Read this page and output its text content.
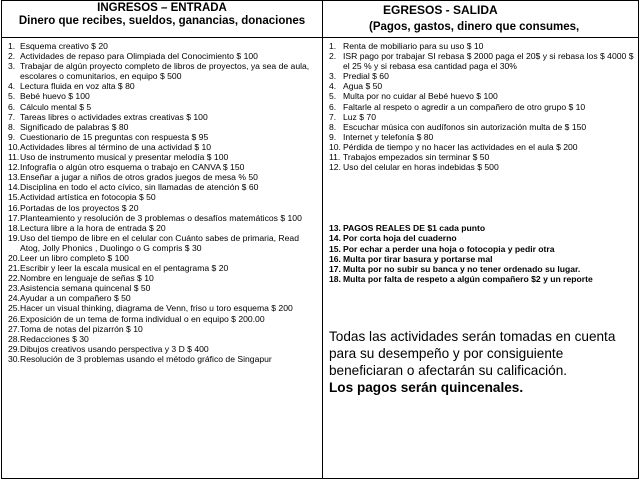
INGRESOS – ENTRADA
Dinero que recibes, sueldos, ganancias, donaciones
EGRESOS - SALIDA
(Pagos, gastos, dinero que consumes,
1. Esquema creativo $ 20
2. Actividades de repaso para Olimpiada del Conocimiento $ 100
3. Trabajar de algún proyecto completo de libros de proyectos, ya sea de aula, escolares o comunitarios, en equipo $ 500
4. Lectura fluida en voz alta $ 80
5. Bebé huevo $ 100
6. Cálculo mental $ 5
7. Tareas libres o actividades extras creativas $ 100
8. Significado de palabras $ 80
9. Cuestionario de 15 preguntas con respuesta $ 95
10. Actividades libres al término de una actividad $ 10
11. Uso de instrumento musical y presentar melodía $ 100
12. Infografía o algún otro esquema o trabajo en CANVA $ 150
13. Enseñar a jugar a niños de otros grados juegos de mesa % 50
14. Disciplina en todo el acto cívico, sin llamadas de atención $ 60
15. Actividad artística en fotocopia $ 50
16. Portadas de los proyectos $ 20
17. Planteamiento y resolución de 3 problemas o desafíos matemáticos $ 100
18. Lectura libre a la hora de entrada $ 20
19. Uso del tiempo de libre en el celular con Cuánto sabes de primaria, Read Atog, Jolly Phonics , Duolingo o G compris $ 30
20. Leer un libro completo $ 100
21. Escribir y leer la escala musical en el pentagrama $ 20
22. Nombre en lenguaje de señas $ 10
23. Asistencia semana quincenal $ 50
24. Ayudar a un compañero $ 50
25. Hacer un visual thinking, diagrama de Venn, friso u toro esquema $ 200
26. Exposición de un tema de forma individual o en equipo $ 200.00
27. Toma de notas del pizarrón $ 10
28. Redacciones $ 30
29. Dibujos creativos usando perspectiva y 3 D $ 400
30. Resolución de 3 problemas usando el método gráfico de Singapur
1. Renta de mobiliario para su uso $ 10
2. ISR pago por trabajar SI rebasa $ 2000 paga el 20$ y si rebasa los $ 4000 $ el 25 % y si rebasa esa cantidad paga el 30%
3. Predial $ 60
4. Agua $ 50
5. Multa por no cuidar al Bebé huevo $ 100
6. Faltarle al respeto o agredir a un compañero de otro grupo $ 10
7. Luz $ 70
8. Escuchar música con audífonos sin autorización multa de $ 150
9. Internet y telefonía $ 80
10. Pérdida de tiempo y no hacer las actividades en el aula $ 200
11. Trabajos empezados sin terminar $ 50
12. Uso del celular en horas indebidas $ 500
13. PAGOS REALES DE $1 cada punto
14. Por corta hoja del cuaderno
15. Por echar a perder una hoja o fotocopia y pedir otra
16. Multa por tirar basura y portarse mal
17. Multa por no subir su banca y no tener ordenado su lugar.
18. Multa por falta de respeto a algún compañero $2 y un reporte
Todas las actividades serán tomadas en cuenta para su desempeño y por consiguiente beneficiaran o afectarán su calificación.
Los pagos serán quincenales.
